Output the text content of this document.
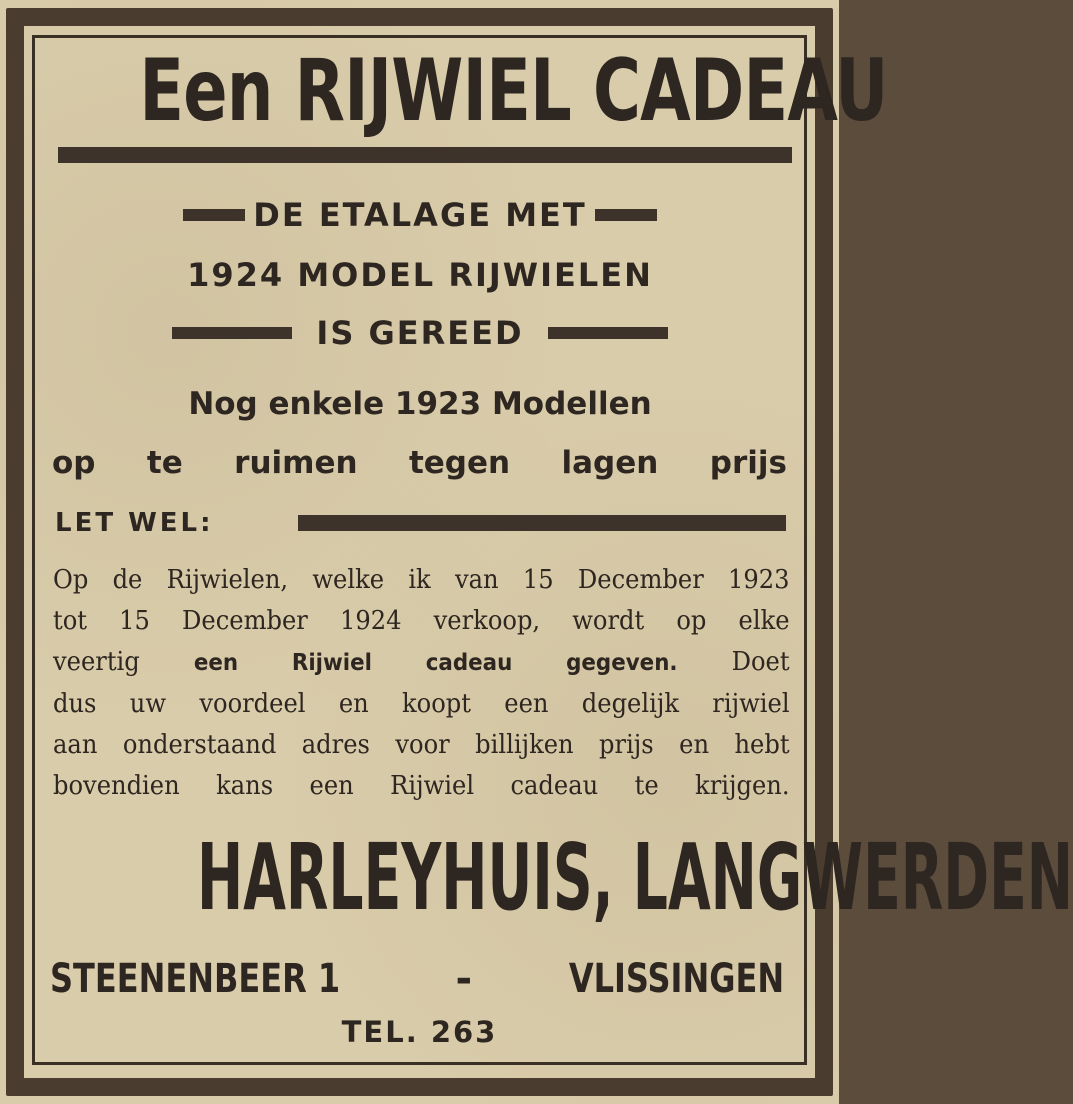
Een RIJWIEL CADEAU
DE ETALAGE MET
1924 MODEL RIJWIELEN
IS GEREED
Nog enkele 1923 Modellen
op te ruimen tegen lagen prijs
LET WEL:
Op de Rijwielen, welke ik van 15 December 1923
tot 15 December 1924 verkoop, wordt op elke
veertig een Rijwiel cadeau gegeven. Doet
dus uw voordeel en koopt een degelijk rijwiel
aan onderstaand adres voor billijken prijs en hebt
bovendien kans een Rijwiel cadeau te krijgen.
HARLEYHUIS, LANGWERDEN
STEENENBEER 1	- VLISSINGEN
TEL. 263
